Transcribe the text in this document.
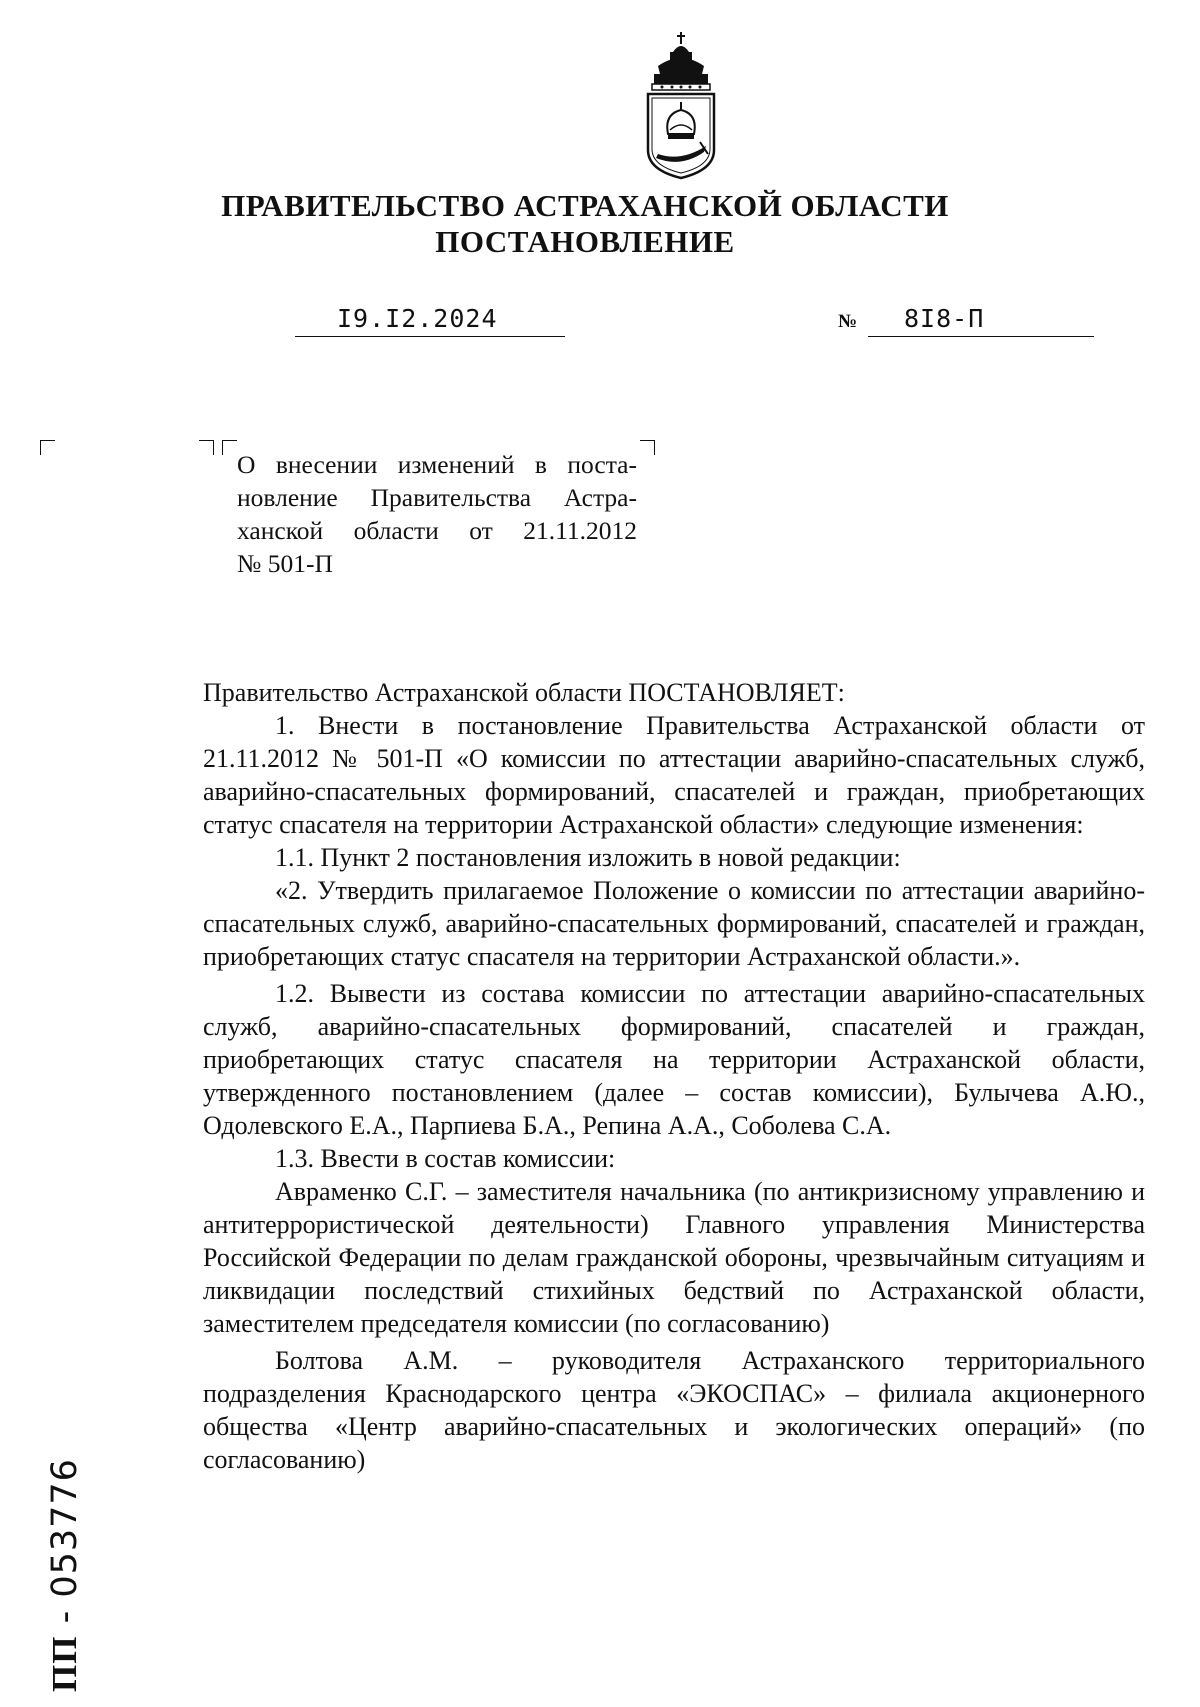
ПРАВИТЕЛЬСТВО АСТРАХАНСКОЙ ОБЛАСТИ
ПОСТАНОВЛЕНИЕ
I9.I2.2024	№ 8I8-П
О внесении изменений в поста-
новление Правительства Астра-
ханской области от 21.11.2012
№ 501-П

Правительство Астраханской области ПОСТАНОВЛЯЕТ:

1. Внести в постановление Правительства Астраханской области от 21.11.2012 № 501-П «О комиссии по аттестации аварийно-спасательных служб, аварийно-спасательных формирований, спасателей и граждан, приобретающих статус спасателя на территории Астраханской области» следующие изменения:

1.1. Пункт 2 постановления изложить в новой редакции:

«2. Утвердить прилагаемое Положение о комиссии по аттестации аварийно-спасательных служб, аварийно-спасательных формирований, спасателей и граждан, приобретающих статус спасателя на территории Астраханской области.».

1.2. Вывести из состава комиссии по аттестации аварийно-спасательных служб, аварийно-спасательных формирований, спасателей и граждан, приобретающих статус спасателя на территории Астраханской области, утвержденного постановлением (далее – состав комиссии), Булычева А.Ю., Одолевского Е.А., Парпиева Б.А., Репина А.А., Соболева С.А.

1.3. Ввести в состав комиссии:

Авраменко С.Г. – заместителя начальника (по антикризисному управлению и антитеррористической деятельности) Главного управления Министерства Российской Федерации по делам гражданской обороны, чрезвычайным ситуациям и ликвидации последствий стихийных бедствий по Астраханской области, заместителем председателя комиссии (по согласованию)

Болтова А.М. – руководителя Астраханского территориального подразделения Краснодарского центра «ЭКОСПАС» – филиала акционерного общества «Центр аварийно-спасательных и экологических операций» (по согласованию)

ПП - 053776
